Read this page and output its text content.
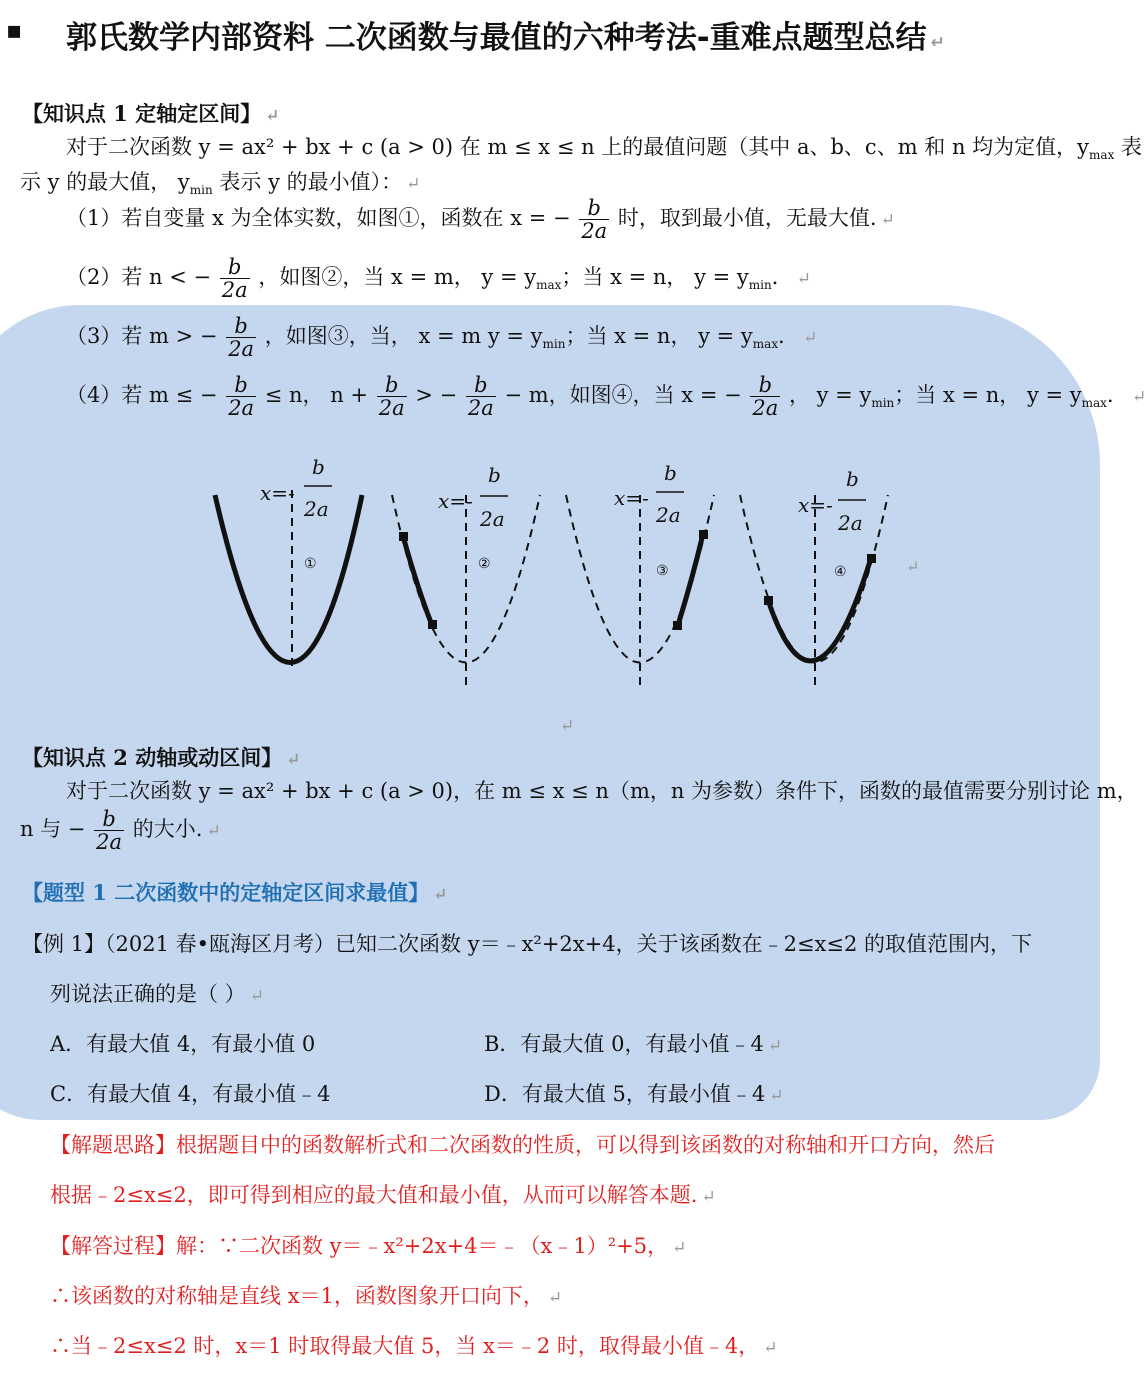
▪ 郭氏数学内部资料 二次函数与最值的六种考法-重难点题型总结 ↵
【知识点 1 定轴定区间】 ↵
对于二次函数 y = ax² + bx + c (a > 0) 在 m ≤ x ≤ n 上的最值问题（其中 a、b、c、m 和 n 均为定值，$y_{max}$ 表
示 y 的最大值， $y_{min}$ 表示 y 的最小值）： ↵
（1）若自变量 x 为全体实数，如图①，函数在 x = − $\frac{b}{2a}$ 时，取到最小值，无最大值. ↵
（2）若 n < − $\frac{b}{2a}$ ，如图②，当 x = m， $y = y_{max}$；当 x = n， $y = y_{min}$． ↵
（3）若 m > − $\frac{b}{2a}$ ，如图③，当， x = m $y = y_{min}$；当 x = n， $y = y_{max}$． ↵
（4）若 m ≤ − $\frac{b}{2a} \le n$， $n + \frac{b}{2a}$ > − $\frac{b}{2a} - m$，如图④，当 x = − $\frac{b}{2a}$ ， $y = y_{min}$；当 x = n， $y = y_{max}$． ↵
x=-
b
2a
①
x=-
b
2a
②
x=-
b
2a
③
x=-
b
2a
④	↵
↵
【知识点 2 动轴或动区间】 ↵
对于二次函数 y = ax² + bx + c (a > 0)，在 m ≤ x ≤ n（m，n 为参数）条件下，函数的最值需要分别讨论 m，
n 与 − $\frac{b}{2a}$ 的大小. ↵
【题型 1 二次函数中的定轴定区间求最值】 ↵
【例 1】（2021 春•瓯海区月考）已知二次函数 y＝﹣x²+2x+4，关于该函数在﹣2≤x≤2 的取值范围内，下
列说法正确的是（ ） ↵
A．有最大值 4，有最小值 0	B．有最大值 0，有最小值﹣4 ↵
C．有最大值 4，有最小值﹣4	D．有最大值 5，有最小值﹣4 ↵
【解题思路】根据题目中的函数解析式和二次函数的性质，可以得到该函数的对称轴和开口方向，然后
根据﹣2≤x≤2，即可得到相应的最大值和最小值，从而可以解答本题. ↵
【解答过程】解：∵二次函数 y＝﹣x²+2x+4＝﹣（x﹣1）²+5， ↵
∴该函数的对称轴是直线 x＝1，函数图象开口向下， ↵
∴当﹣2≤x≤2 时，x＝1 时取得最大值 5，当 x＝﹣2 时，取得最小值﹣4， ↵
